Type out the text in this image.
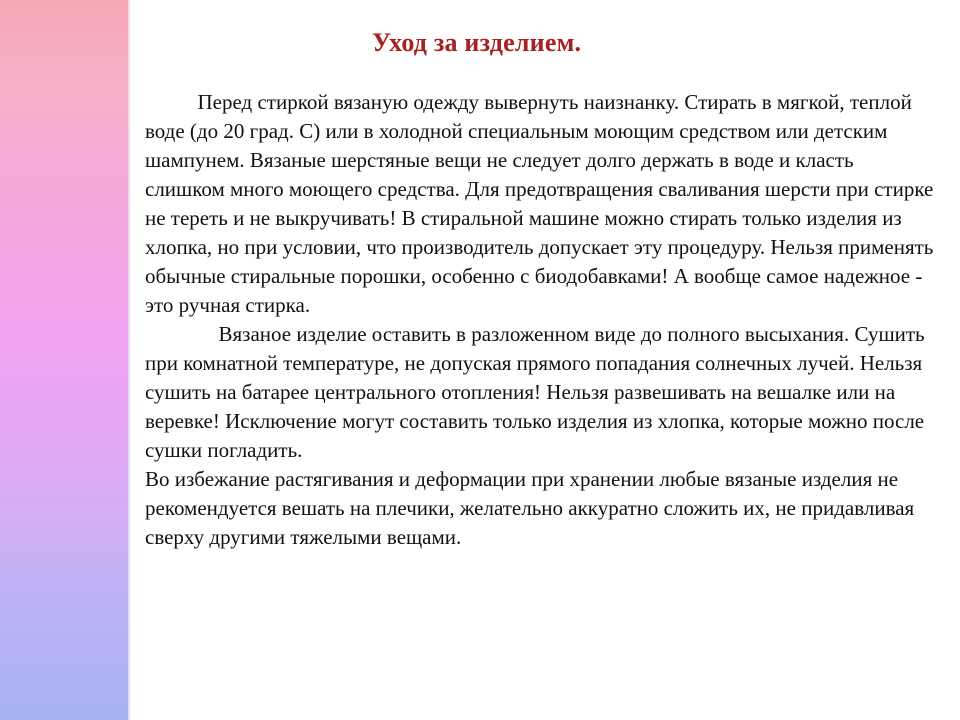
Уход за изделием.

Перед стиркой вязаную одежду вывернуть наизнанку. Стирать в мягкой, теплой воде (до 20 град. С) или в холодной специальным моющим средством или детским шампунем. Вязаные шерстяные вещи не следует долго держать в воде и класть слишком много моющего средства. Для предотвращения сваливания шерсти при стирке не тереть и не выкручивать! В стиральной машине можно стирать только изделия из хлопка, но при условии, что производитель допускает эту процедуру. Нельзя применять обычные стиральные порошки, особенно с биодобавками! А вообще самое надежное - это ручная стирка.

Вязаное изделие оставить в разложенном виде до полного высыхания. Сушить при комнатной температуре, не допуская прямого попадания солнечных лучей. Нельзя сушить на батарее центрального отопления! Нельзя развешивать на вешалке или на веревке! Исключение могут составить только изделия из хлопка, которые можно после сушки погладить.

Во избежание растягивания и деформации при хранении любые вязаные изделия не рекомендуется вешать на плечики, желательно аккуратно сложить их, не придавливая сверху другими тяжелыми вещами.
